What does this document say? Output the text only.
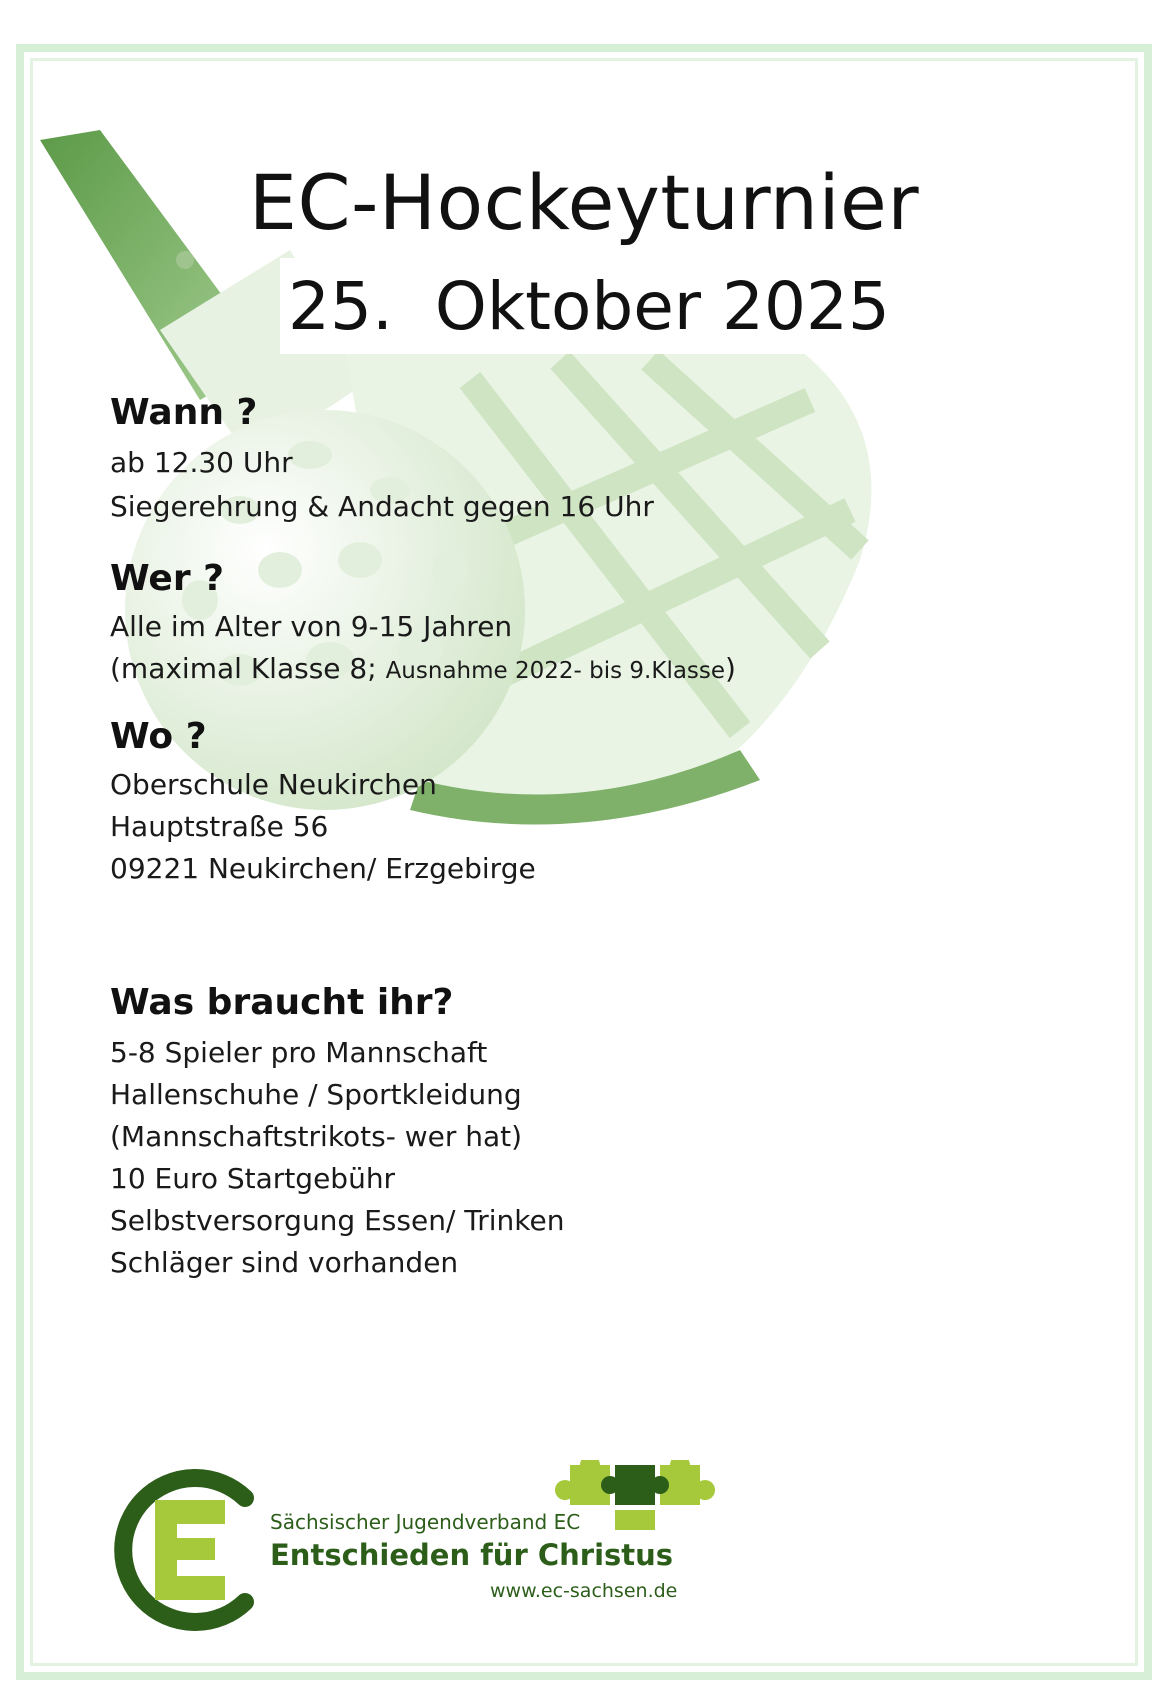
EC-Hockeyturnier
25.  Oktober 2025
Wann ?
ab 12.30 Uhr
Siegerehrung & Andacht gegen 16 Uhr
Wer ?
Alle im Alter von 9-15 Jahren
(maximal Klasse 8; Ausnahme 2022- bis 9.Klasse)
Wo ?
Oberschule Neukirchen
Hauptstraße 56
09221 Neukirchen/ Erzgebirge
Was braucht ihr?
5-8 Spieler pro Mannschaft
Hallenschuhe / Sportkleidung
(Mannschaftstrikots- wer hat)
10 Euro Startgebühr
Selbstversorgung Essen/ Trinken
Schläger sind vorhanden
Sächsischer Jugendverband EC
Entschieden für Christus
www.ec-sachsen.de
